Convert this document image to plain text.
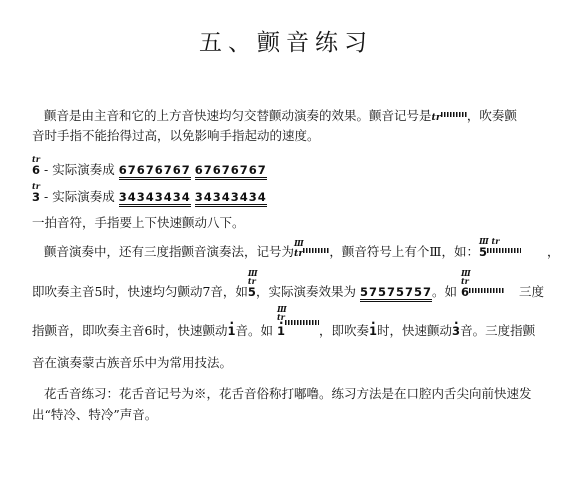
五、颤音练习
颤音是由主音和它的上方音快速均匀交替颤动演奏的效果。颤音记号是tr ，吹奏颤
音时手指不能抬得过高，以免影响手指起动的速度。
tr
6 - 实际演奏成 67676767 67676767
tr
3 - 实际演奏成 34343434 34343434
一拍音符，手指要上下快速颤动八下。
颤音演奏中，还有三度指颤音演奏法，记号为
Ⅲ
tr ，颤音符号上有个Ⅲ，如：
Ⅲ tr
5	，
即吹奏主音5时，快速均匀颤动7音，如
Ⅲ
tr
5，实际演奏效果为 57575757。如
Ⅲ
tr
6	三度
指颤音，即吹奏主音6时，快速颤动· 1音。如
Ⅲ
tr
· 1	，即吹奏· 1时，快速颤动· 3音。三度指颤
音在演奏蒙古族音乐中为常用技法。
花舌音练习：花舌音记号为※，花舌音俗称打嘟噜。练习方法是在口腔内舌尖向前快速发
出“特冷、特冷”声音。
